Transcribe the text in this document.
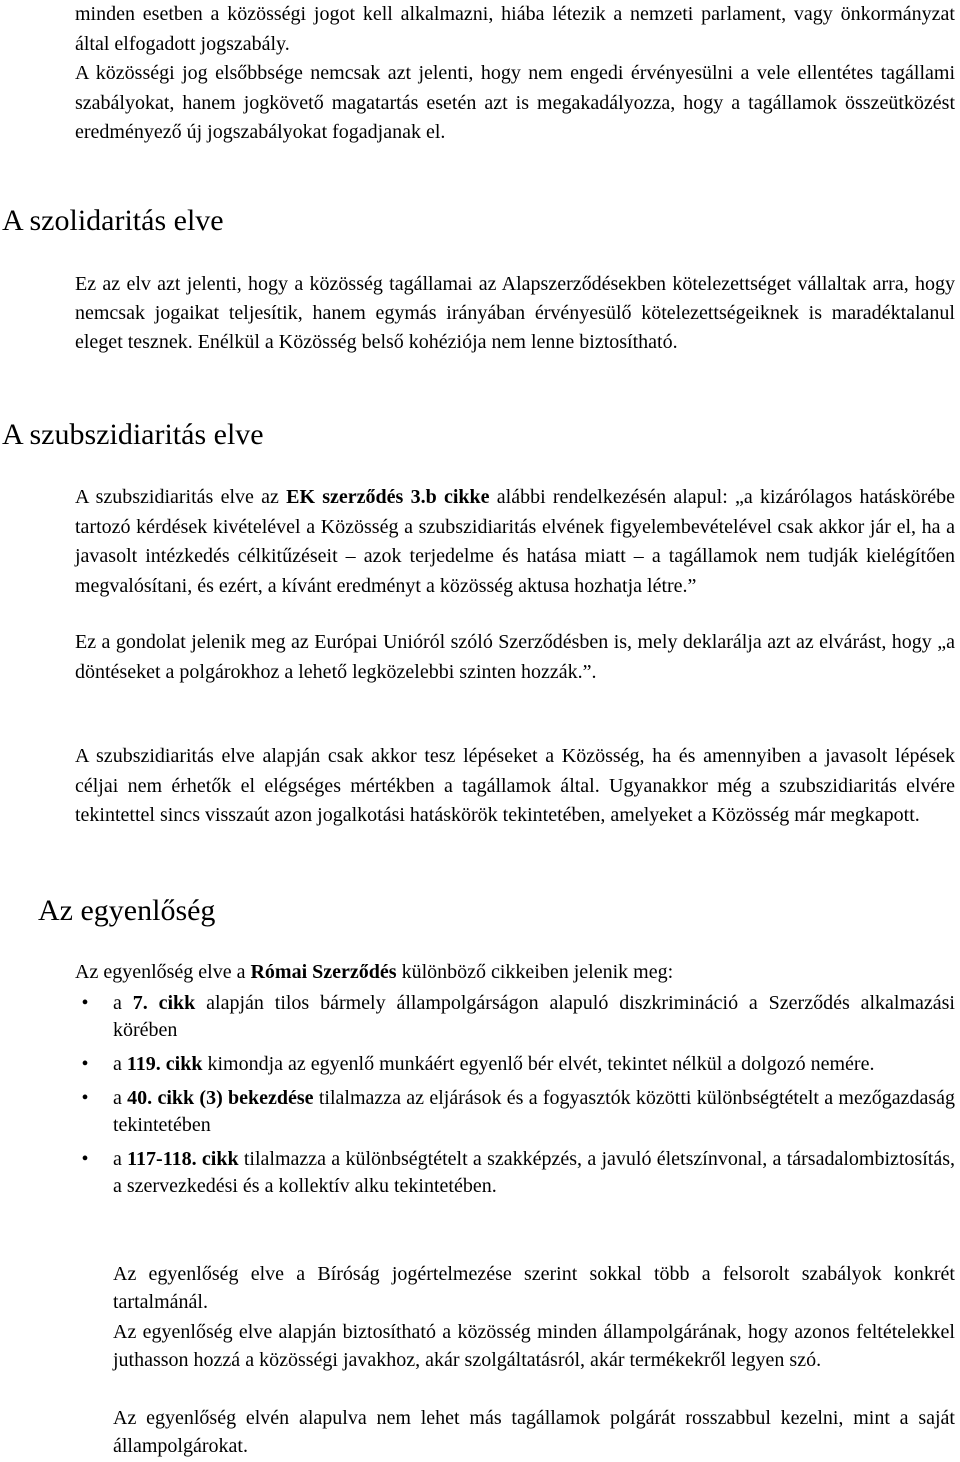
minden esetben a közösségi jogot kell alkalmazni, hiába létezik a nemzeti parlament, vagy önkormányzat által elfogadott jogszabály.

A közösségi jog elsőbbsége nemcsak azt jelenti, hogy nem engedi érvényesülni a vele ellentétes tagállami szabályokat, hanem jogkövető magatartás esetén azt is megakadályozza, hogy a tagállamok összeütközést eredményező új jogszabályokat fogadjanak el.

A szolidaritás elve

Ez az elv azt jelenti, hogy a közösség tagállamai az Alapszerződésekben kötelezettséget vállaltak arra, hogy nemcsak jogaikat teljesítik, hanem egymás irányában érvényesülő kötelezettségeiknek is maradéktalanul eleget tesznek. Enélkül a Közösség belső kohéziója nem lenne biztosítható.

A szubszidiaritás elve

A szubszidiaritás elve az EK szerződés 3.b cikke alábbi rendelkezésén alapul: „a kizárólagos hatáskörébe tartozó kérdések kivételével a Közösség a szubszidiaritás elvének figyelembevételével csak akkor jár el, ha a javasolt intézkedés célkitűzéseit – azok terjedelme és hatása miatt – a tagállamok nem tudják kielégítően megvalósítani, és ezért, a kívánt eredményt a közösség aktusa hozhatja létre.”

Ez a gondolat jelenik meg az Európai Unióról szóló Szerződésben is, mely deklarálja azt az elvárást, hogy „a döntéseket a polgárokhoz a lehető legközelebbi szinten hozzák.”.

A szubszidiaritás elve alapján csak akkor tesz lépéseket a Közösség, ha és amennyiben a javasolt lépések céljai nem érhetők el elégséges mértékben a tagállamok által. Ugyanakkor még a szubszidiaritás elvére tekintettel sincs visszaút azon jogalkotási hatáskörök tekintetében, amelyeket a Közösség már megkapott.

Az egyenlőség

Az egyenlőség elve a Római Szerződés különböző cikkeiben jelenik meg:

•	a 7. cikk alapján tilos bármely állampolgárságon alapuló diszkrimináció a Szerződés alkalmazási körében
•	a 119. cikk kimondja az egyenlő munkáért egyenlő bér elvét, tekintet nélkül a dolgozó nemére.
•	a 40. cikk (3) bekezdése tilalmazza az eljárások és a fogyasztók közötti különbségtételt a mezőgazdaság tekintetében
•	a 117-118. cikk tilalmazza a különbségtételt a szakképzés, a javuló életszínvonal, a társadalombiztosítás, a szervezkedési és a kollektív alku tekintetében.

Az egyenlőség elve a Bíróság jogértelmezése szerint sokkal több a felsorolt szabályok konkrét tartalmánál.

Az egyenlőség elve alapján biztosítható a közösség minden állampolgárának, hogy azonos feltételekkel juthasson hozzá a közösségi javakhoz, akár szolgáltatásról, akár termékekről legyen szó.

Az egyenlőség elvén alapulva nem lehet más tagállamok polgárát rosszabbul kezelni, mint a saját állampolgárokat.
